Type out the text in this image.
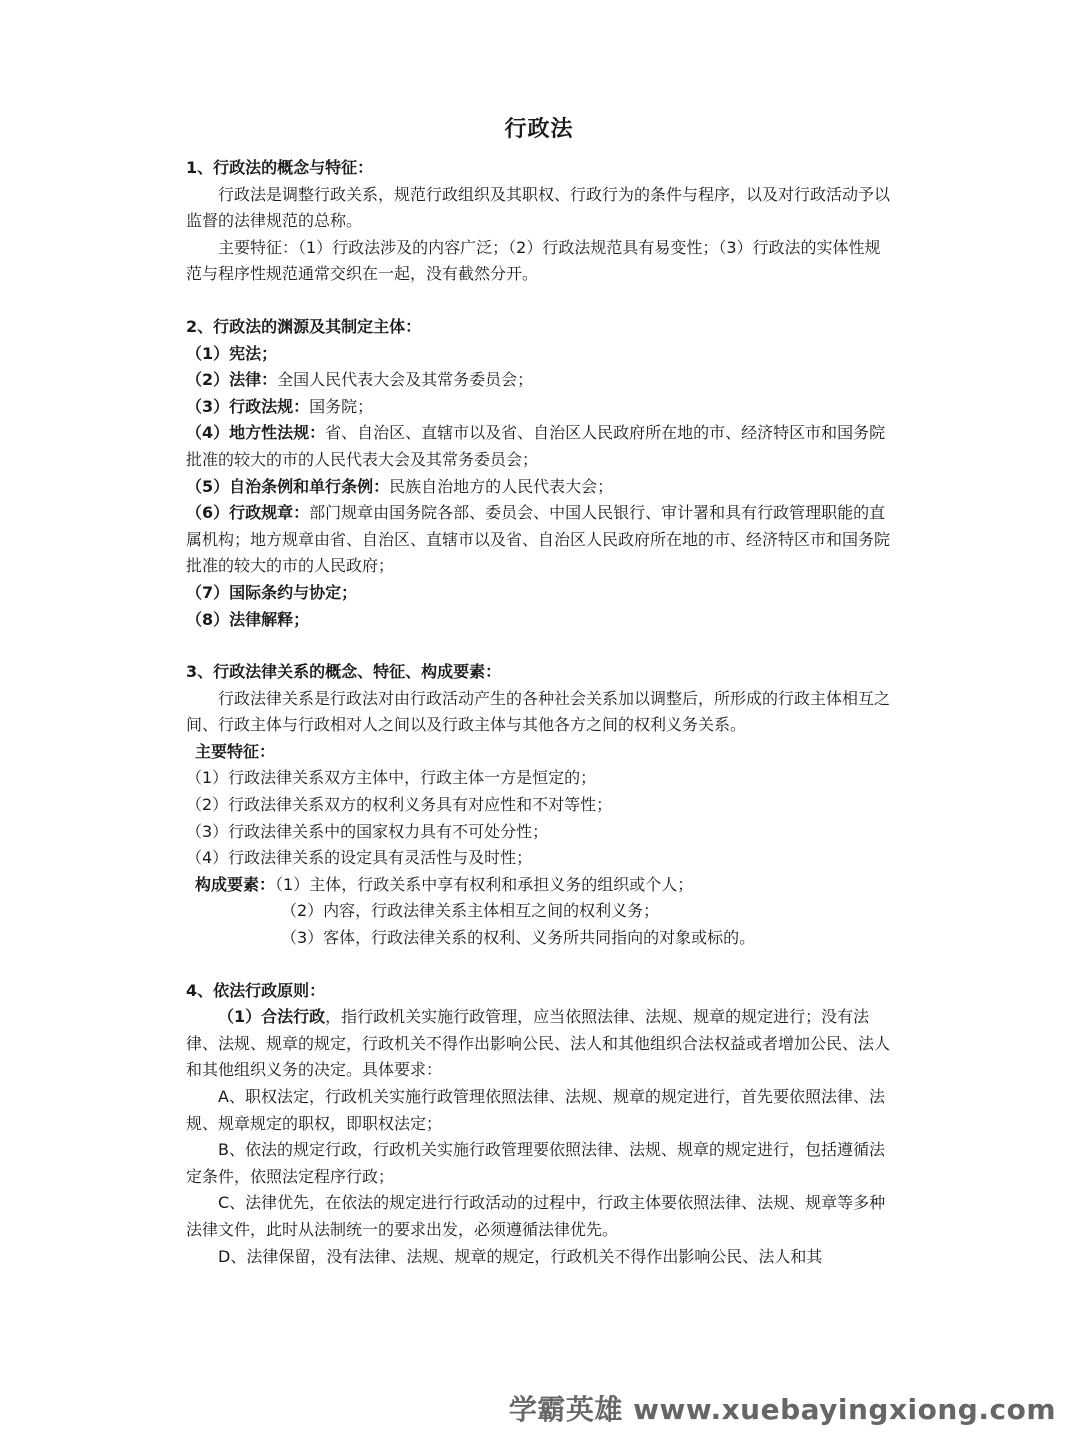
行政法
1、行政法的概念与特征：
行政法是调整行政关系，规范行政组织及其职权、行政行为的条件与程序，以及对行政活动予以监督的法律规范的总称。
主要特征：（1）行政法涉及的内容广泛；（2）行政法规范具有易变性；（3）行政法的实体性规范与程序性规范通常交织在一起，没有截然分开。
2、行政法的渊源及其制定主体：
（1）宪法；
（2）法律：全国人民代表大会及其常务委员会；
（3）行政法规：国务院；
（4）地方性法规：省、自治区、直辖市以及省、自治区人民政府所在地的市、经济特区市和国务院批准的较大的市的人民代表大会及其常务委员会；
（5）自治条例和单行条例：民族自治地方的人民代表大会；
（6）行政规章：部门规章由国务院各部、委员会、中国人民银行、审计署和具有行政管理职能的直属机构；地方规章由省、自治区、直辖市以及省、自治区人民政府所在地的市、经济特区市和国务院批准的较大的市的人民政府；
（7）国际条约与协定；
（8）法律解释；
3、行政法律关系的概念、特征、构成要素：
行政法律关系是行政法对由行政活动产生的各种社会关系加以调整后，所形成的行政主体相互之间、行政主体与行政相对人之间以及行政主体与其他各方之间的权利义务关系。
主要特征：
（1）行政法律关系双方主体中，行政主体一方是恒定的；
（2）行政法律关系双方的权利义务具有对应性和不对等性；
（3）行政法律关系中的国家权力具有不可处分性；
（4）行政法律关系的设定具有灵活性与及时性；
构成要素：（1）主体，行政关系中享有权利和承担义务的组织或个人；
（2）内容，行政法律关系主体相互之间的权利义务；
（3）客体，行政法律关系的权利、义务所共同指向的对象或标的。
4、依法行政原则：
（1）合法行政，指行政机关实施行政管理，应当依照法律、法规、规章的规定进行；没有法律、法规、规章的规定，行政机关不得作出影响公民、法人和其他组织合法权益或者增加公民、法人和其他组织义务的决定。具体要求：
A、职权法定，行政机关实施行政管理依照法律、法规、规章的规定进行，首先要依照法律、法规、规章规定的职权，即职权法定；
B、依法的规定行政，行政机关实施行政管理要依照法律、法规、规章的规定进行，包括遵循法定条件，依照法定程序行政；
C、法律优先，在依法的规定进行行政活动的过程中，行政主体要依照法律、法规、规章等多种法律文件，此时从法制统一的要求出发，必须遵循法律优先。
D、法律保留，没有法律、法规、规章的规定，行政机关不得作出影响公民、法人和其
学霸英雄 www.xuebayingxiong.com
